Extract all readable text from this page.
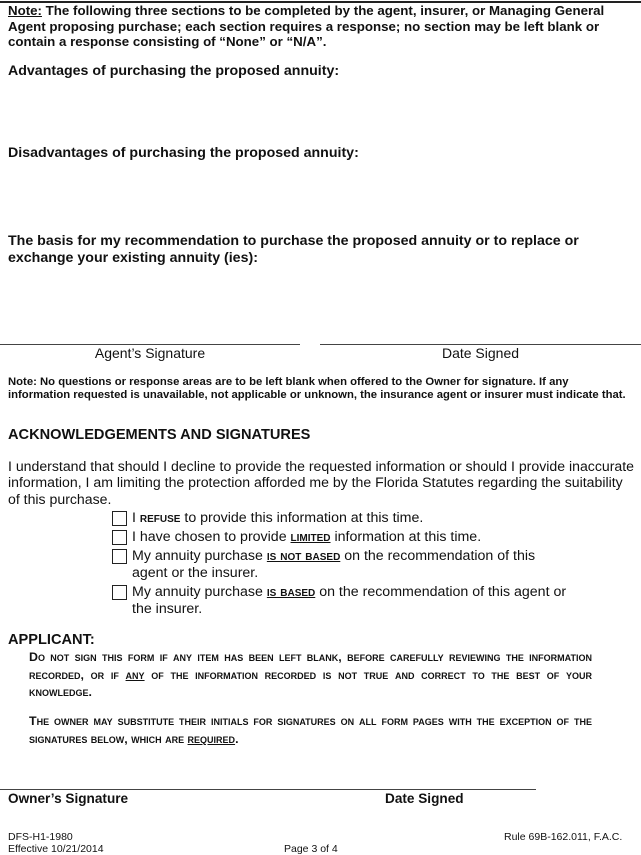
Note: The following three sections to be completed by the agent, insurer, or Managing General Agent proposing purchase; each section requires a response; no section may be left blank or contain a response consisting of “None” or “N/A”.
Advantages of purchasing the proposed annuity:
Disadvantages of purchasing the proposed annuity:
The basis for my recommendation to purchase the proposed annuity or to replace or exchange your existing annuity (ies):
Agent’s Signature	Date Signed
Note: No questions or response areas are to be left blank when offered to the Owner for signature. If any information requested is unavailable, not applicable or unknown, the insurance agent or insurer must indicate that.
ACKNOWLEDGEMENTS AND SIGNATURES
I understand that should I decline to provide the requested information or should I provide inaccurate information, I am limiting the protection afforded me by the Florida Statutes regarding the suitability of this purchase.
I refuse to provide this information at this time.
I have chosen to provide limited information at this time.
My annuity purchase is not based on the recommendation of this agent or the insurer.
My annuity purchase is based on the recommendation of this agent or the insurer.
APPLICANT:
Do not sign this form if any item has been left blank, before carefully reviewing the information recorded, or if any of the information recorded is not true and correct to the best of your knowledge.
The owner may substitute their initials for signatures on all form pages with the exception of the signatures below, which are required.
Owner’s Signature	Date Signed
DFS-H1-1980
Effective 10/21/2014	Page 3 of 4
Rule 69B-162.011, F.A.C.
